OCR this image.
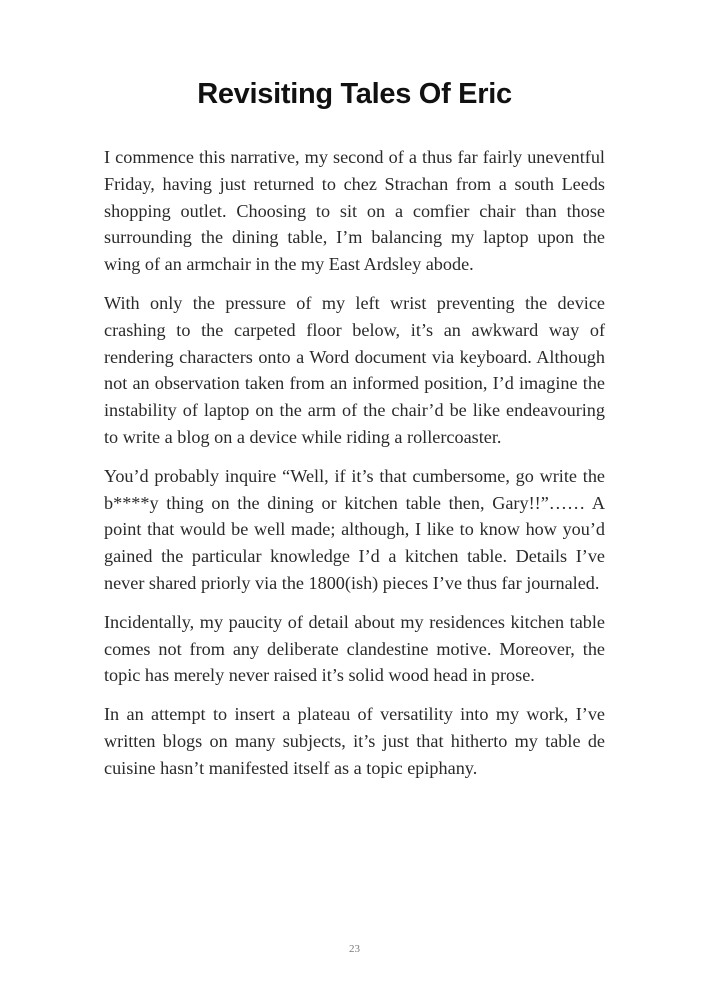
Revisiting Tales Of Eric

I commence this narrative, my second of a thus far fairly uneventful Friday, having just returned to chez Strachan from a south Leeds shopping outlet. Choosing to sit on a comfier chair than those surrounding the dining table, I’m balancing my laptop upon the wing of an armchair in the my East Ardsley abode.

With only the pressure of my left wrist preventing the device crashing to the carpeted floor below, it’s an awkward way of rendering characters onto a Word document via keyboard. Although not an observation taken from an informed position, I’d imagine the instability of laptop on the arm of the chair’d be like endeavouring to write a blog on a device while riding a rollercoaster.

You’d probably inquire “Well, if it’s that cumbersome, go write the b****y thing on the dining or kitchen table then, Gary!!”…… A point that would be well made; although, I like to know how you’d gained the particular knowledge I’d a kitchen table. Details I’ve never shared priorly via the 1800(ish) pieces I’ve thus far journaled.

Incidentally, my paucity of detail about my residences kitchen table comes not from any deliberate clandestine motive. Moreover, the topic has merely never raised it’s solid wood head in prose.

In an attempt to insert a plateau of versatility into my work, I’ve written blogs on many subjects, it’s just that hitherto my table de cuisine hasn’t manifested itself as a topic epiphany.

23
